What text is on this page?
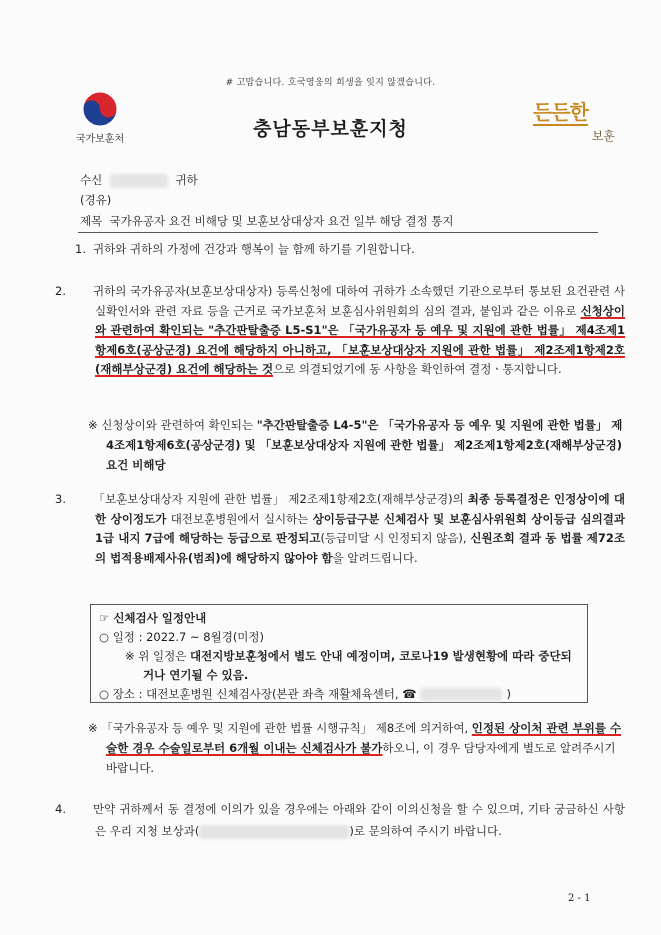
# 고맙습니다. 호국영웅의 희생을 잊지 않겠습니다.
국가보훈처	충남동부보훈지청
든든한
보훈
수신	귀하
(경유)
제목 국가유공자 요건 비해당 및 보훈보상대상자 요건 일부 해당 결정 통지
1. 귀하와 귀하의 가정에 건강과 행복이 늘 함께 하기를 기원합니다.
2. 귀하의 국가유공자(보훈보상대상자) 등록신청에 대하여 귀하가 소속했던 기관으로부터 통보된 요건관련 사실확인서와 관련 자료 등을 근거로 국가보훈처 보훈심사위원회의 심의 결과, 붙임과 같은 이유로 신청상이와 관련하여 확인되는 "추간판탈출증 L5-S1"은 「국가유공자 등 예우 및 지원에 관한 법률」 제4조제1항제6호(공상군경) 요건에 해당하지 아니하고, 「보훈보상대상자 지원에 관한 법률」 제2조제1항제2호(재해부상군경) 요건에 해당하는 것으로 의결되었기에 동 사항을 확인하여 결정ㆍ통지합니다.
※ 신청상이와 관련하여 확인되는 "추간판탈출증 L4-5"은 「국가유공자 등 예우 및 지원에 관한 법률」 제4조제1항제6호(공상군경) 및 「보훈보상대상자 지원에 관한 법률」 제2조제1항제2호(재해부상군경) 요건 비해당
3. 「보훈보상대상자 지원에 관한 법률」 제2조제1항제2호(재해부상군경)의 최종 등록결정은 인정상이에 대한 상이정도가 대전보훈병원에서 실시하는 상이등급구분 신체검사 및 보훈심사위원회 상이등급 심의결과 1급 내지 7급에 해당하는 등급으로 판정되고(등급미달 시 인정되지 않음), 신원조회 결과 동 법률 제72조의 법적용배제사유(범죄)에 해당하지 않아야 함을 알려드립니다.
☞ 신체검사 일정안내
○ 일정 : 2022.7 ~ 8월경(미정)
※ 위 일정은 대전지방보훈청에서 별도 안내 예정이며, 코로나19 발생현황에 따라 중단되거나 연기될 수 있음.
○ 장소 : 대전보훈병원 신체검사장(본관 좌측 재활체육센터, ☎	)
※ 「국가유공자 등 예우 및 지원에 관한 법률 시행규칙」 제8조에 의거하여, 인정된 상이처 관련 부위를 수술한 경우 수술일로부터 6개월 이내는 신체검사가 불가하오니, 이 경우 담당자에게 별도로 알려주시기 바랍니다.
4. 만약 귀하께서 동 결정에 이의가 있을 경우에는 아래와 같이 이의신청을 할 수 있으며, 기타 궁금하신 사항은 우리 지청 보상과(	)로 문의하여 주시기 바랍니다.
2 - 1
